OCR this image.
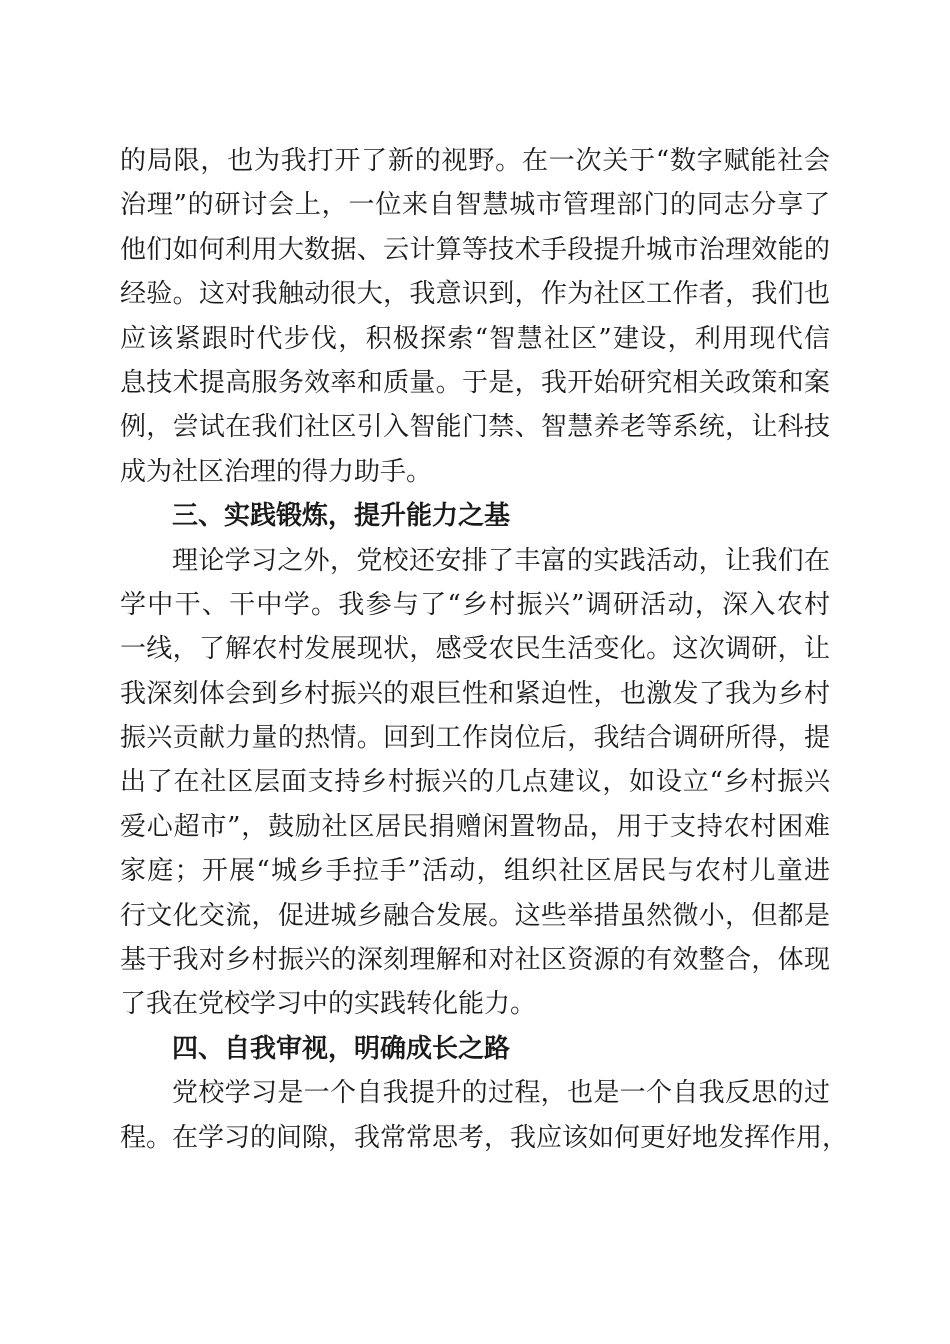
的局限，也为我打开了新的视野。在一次关于“数字赋能社会
治理”的研讨会上，一位来自智慧城市管理部门的同志分享了
他们如何利用大数据、云计算等技术手段提升城市治理效能的
经验。这对我触动很大，我意识到，作为社区工作者，我们也
应该紧跟时代步伐，积极探索“智慧社区”建设，利用现代信
息技术提高服务效率和质量。于是，我开始研究相关政策和案
例，尝试在我们社区引入智能门禁、智慧养老等系统，让科技
成为社区治理的得力助手。
三、实践锻炼，提升能力之基
理论学习之外，党校还安排了丰富的实践活动，让我们在
学中干、干中学。我参与了“乡村振兴”调研活动，深入农村
一线，了解农村发展现状，感受农民生活变化。这次调研，让
我深刻体会到乡村振兴的艰巨性和紧迫性，也激发了我为乡村
振兴贡献力量的热情。回到工作岗位后，我结合调研所得，提
出了在社区层面支持乡村振兴的几点建议，如设立“乡村振兴
爱心超市”，鼓励社区居民捐赠闲置物品，用于支持农村困难
家庭；开展“城乡手拉手”活动，组织社区居民与农村儿童进
行文化交流，促进城乡融合发展。这些举措虽然微小，但都是
基于我对乡村振兴的深刻理解和对社区资源的有效整合，体现
了我在党校学习中的实践转化能力。
四、自我审视，明确成长之路
党校学习是一个自我提升的过程，也是一个自我反思的过
程。在学习的间隙，我常常思考，我应该如何更好地发挥作用，
